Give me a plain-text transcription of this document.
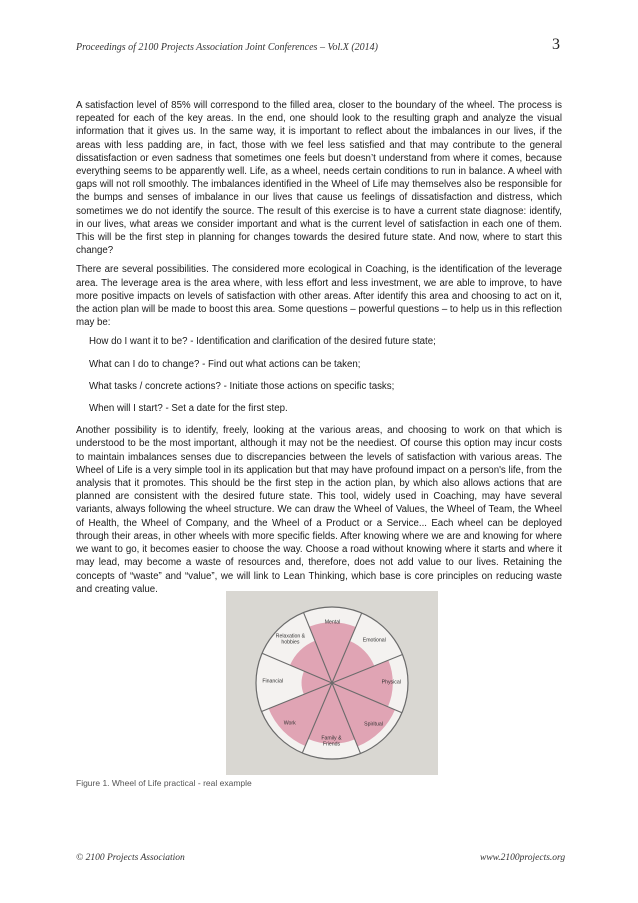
Proceedings of 2100 Projects Association Joint Conferences – Vol.X (2014)	3

A satisfaction level of 85% will correspond to the filled area, closer to the boundary of the wheel. The process is repeated for each of the key areas. In the end, one should look to the resulting graph and analyze the visual information that it gives us. In the same way, it is important to reflect about the imbalances in our lives, if the areas with less padding are, in fact, those with we feel less satisfied and that may contribute to the general dissatisfaction or even sadness that sometimes one feels but doesn’t understand from where it comes, because everything seems to be apparently well. Life, as a wheel, needs certain conditions to run in balance. A wheel with gaps will not roll smoothly. The imbalances identified in the Wheel of Life may themselves also be responsible for the bumps and senses of imbalance in our lives that cause us feelings of dissatisfaction and distress, which sometimes we do not identify the source. The result of this exercise is to have a current state diagnose: identify, in our lives, what areas we consider important and what is the current level of satisfaction in each one of them. This will be the first step in planning for changes towards the desired future state. And now, where to start this change?

There are several possibilities. The considered more ecological in Coaching, is the identification of the leverage area. The leverage area is the area where, with less effort and less investment, we are able to improve, to have more positive impacts on levels of satisfaction with other areas. After identify this area and choosing to act on it, the action plan will be made to boost this area. Some questions – powerful questions – to help us in this reflection may be:

How do I want it to be? - Identification and clarification of the desired future state;
What can I do to change? - Find out what actions can be taken;
What tasks / concrete actions? - Initiate those actions on specific tasks;
When will I start? - Set a date for the first step.

Another possibility is to identify, freely, looking at the various areas, and choosing to work on that which is understood to be the most important, although it may not be the neediest. Of course this option may incur costs to maintain imbalances senses due to discrepancies between the levels of satisfaction with various areas. The Wheel of Life is a very simple tool in its application but that may have profound impact on a person's life, from the analysis that it promotes. This should be the first step in the action plan, by which also allows actions that are planned are consistent with the desired future state. This tool, widely used in Coaching, may have several variants, always following the wheel structure. We can draw the Wheel of Values, the Wheel of Team, the Wheel of Health, the Wheel of Company, and the Wheel of a Product or a Service... Each wheel can be deployed through their areas, in other wheels with more specific fields. After knowing where we are and knowing for where we want to go, it becomes easier to choose the way. Choose a road without knowing where it starts and where it may lead, may become a waste of resources and, therefore, does not add value to our lives. Retaining the concepts of “waste” and “value”, we will link to Lean Thinking, which base is core principles on reducing waste and creating value.

Mental
Emotional
Physical
Spiritual
Family & Friends
Work
Financial
Relaxation & hobbies
Figure 1. Wheel of Life practical - real example
© 2100 Projects Association	www.2100projects.org
